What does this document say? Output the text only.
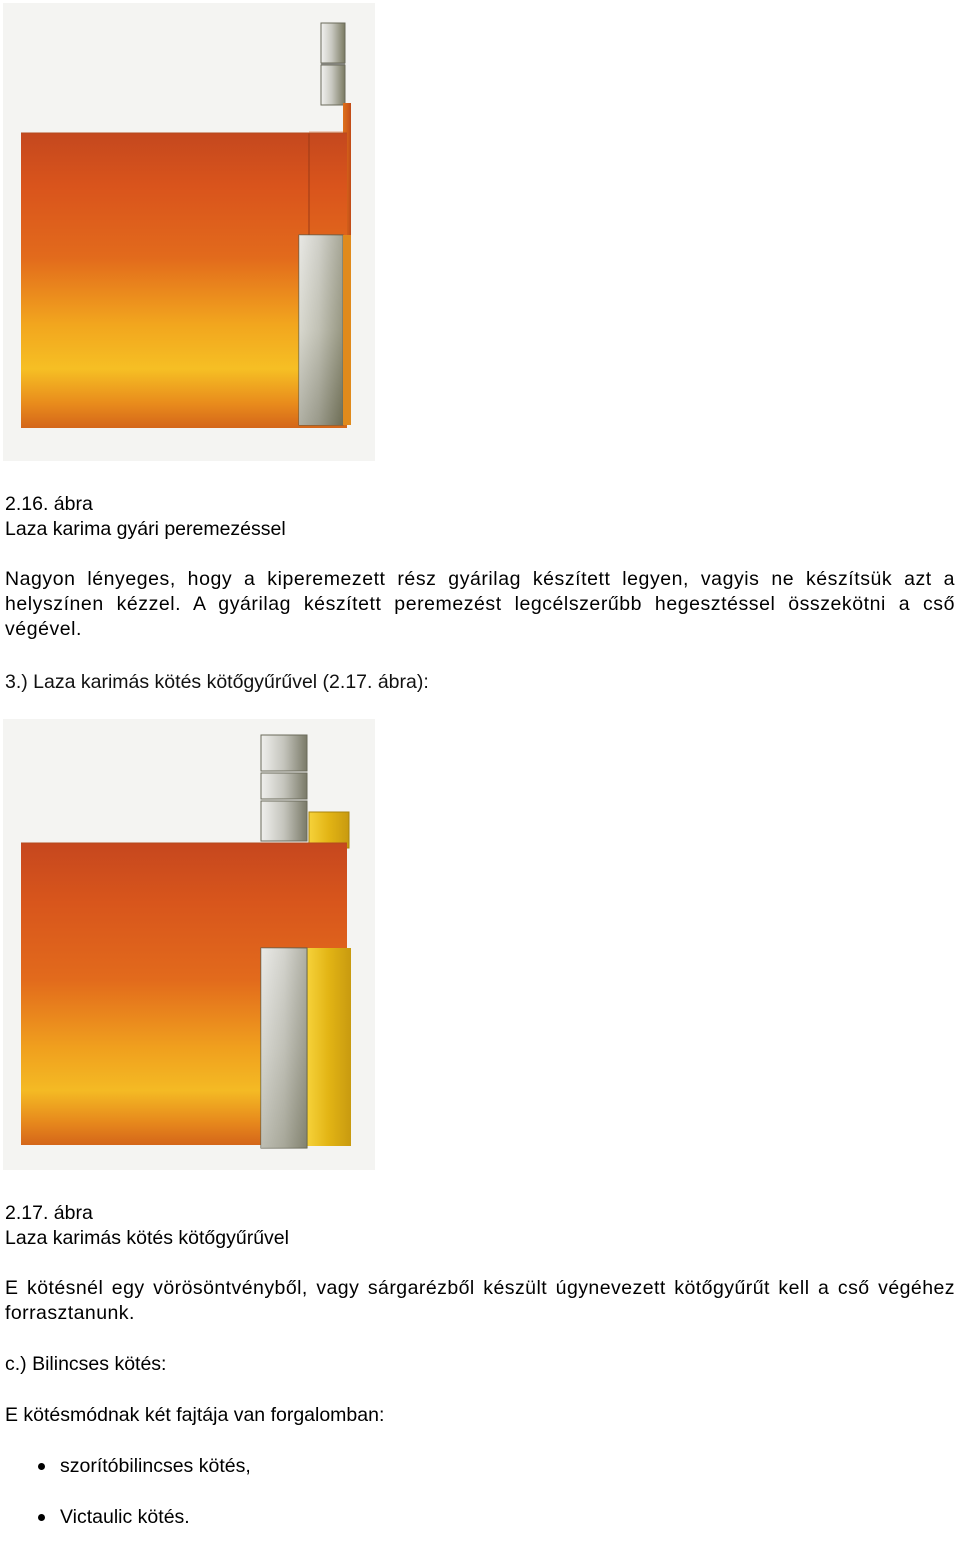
2.16. ábra

Laza karima gyári peremezéssel

Nagyon lényeges, hogy a kiperemezett rész gyárilag készített legyen, vagyis ne készítsük azt a helyszínen kézzel. A gyárilag készített peremezést legcélszerűbb hegesztéssel összekötni a cső végével.

3.) Laza karimás kötés kötőgyűrűvel (2.17. ábra):

2.17. ábra

Laza karimás kötés kötőgyűrűvel

E kötésnél egy vörösöntvényből, vagy sárgarézből készült úgynevezett kötőgyűrűt kell a cső végéhez forrasztanunk.

c.) Bilincses kötés:

E kötésmódnak két fajtája van forgalomban:

szorítóbilincses kötés,
Victaulic kötés.
